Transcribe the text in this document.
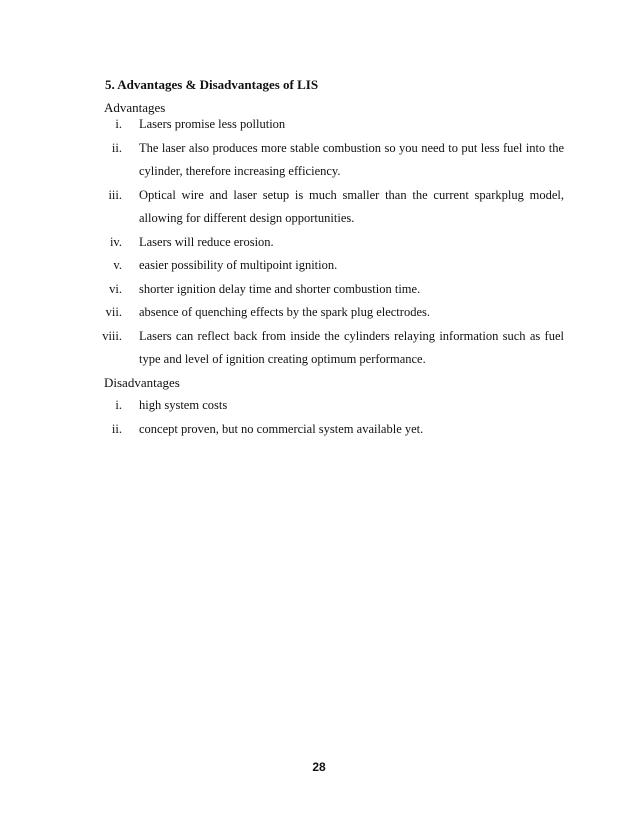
5. Advantages & Disadvantages of LIS
Advantages
i. Lasers promise less pollution
ii. The laser also produces more stable combustion so you need to put less fuel into the cylinder, therefore increasing efficiency.
iii. Optical wire and laser setup is much smaller than the current sparkplug model, allowing for different design opportunities.
iv. Lasers will reduce erosion.
v. easier possibility of multipoint ignition.
vi. shorter ignition delay time and shorter combustion time.
vii. absence of quenching effects by the spark plug electrodes.
viii. Lasers can reflect back from inside the cylinders relaying information such as fuel type and level of ignition creating optimum performance.
Disadvantages
i. high system costs
ii. concept proven, but no commercial system available yet.
28
